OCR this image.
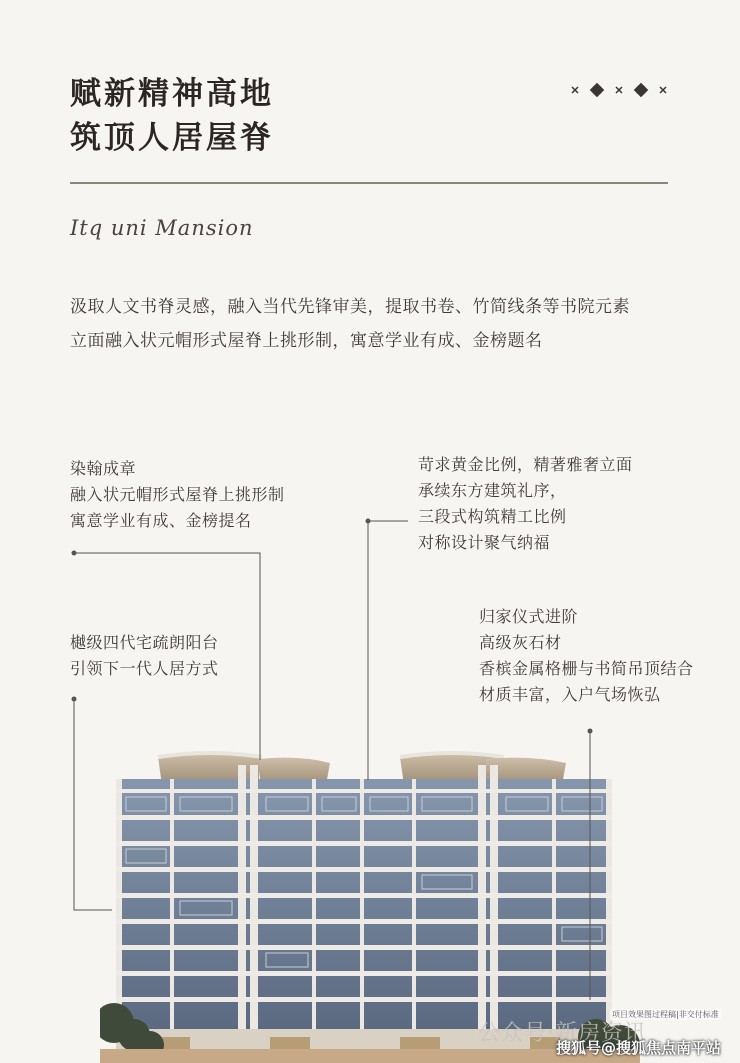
赋新精神高地
筑顶人居屋脊
Itq uni Mansion
汲取人文书脊灵感，融入当代先锋审美，提取书卷、竹简线条等书院元素
立面融入状元帽形式屋脊上挑形制，寓意学业有成、金榜题名
染翰成章
融入状元帽形式屋脊上挑形制
寓意学业有成、金榜提名
苛求黄金比例，精著雅奢立面
承续东方建筑礼序，
三段式构筑精工比例
对称设计聚气纳福
樾级四代宅疏朗阳台
引领下一代人居方式
归家仪式进阶
高级灰石材
香槟金属格栅与书简吊顶结合
材质丰富，入户气场恢弘
项目效果图过程稿|非交付标准
公众号·新房资讯
搜狐号@搜狐焦点南平站
